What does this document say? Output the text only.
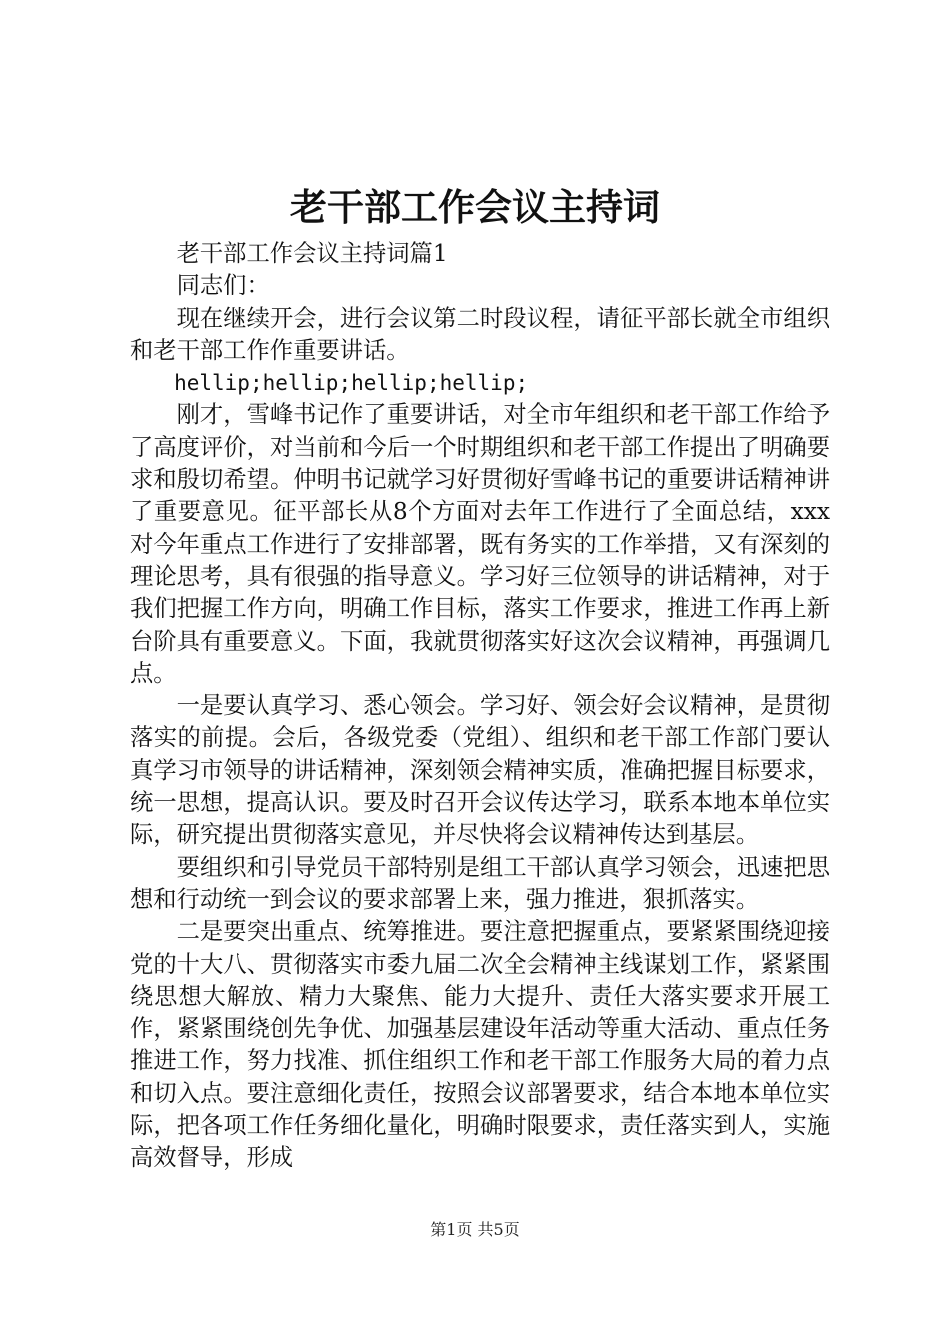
老干部工作会议主持词

老干部工作会议主持词篇1

同志们：

现在继续开会，进行会议第二时段议程，请征平部长就全市组织和老干部工作作重要讲话。

hellip;hellip;hellip;hellip;

刚才，雪峰书记作了重要讲话，对全市年组织和老干部工作给予了高度评价，对当前和今后一个时期组织和老干部工作提出了明确要求和殷切希望。仲明书记就学习好贯彻好雪峰书记的重要讲话精神讲了重要意见。征平部长从8个方面对去年工作进行了全面总结，xxx对今年重点工作进行了安排部署，既有务实的工作举措，又有深刻的理论思考，具有很强的指导意义。学习好三位领导的讲话精神，对于我们把握工作方向，明确工作目标，落实工作要求，推进工作再上新台阶具有重要意义。下面，我就贯彻落实好这次会议精神，再强调几点。

一是要认真学习、悉心领会。学习好、领会好会议精神，是贯彻落实的前提。会后，各级党委（党组）、组织和老干部工作部门要认真学习市领导的讲话精神，深刻领会精神实质，准确把握目标要求，统一思想，提高认识。要及时召开会议传达学习，联系本地本单位实际，研究提出贯彻落实意见，并尽快将会议精神传达到基层。

要组织和引导党员干部特别是组工干部认真学习领会，迅速把思想和行动统一到会议的要求部署上来，强力推进，狠抓落实。

二是要突出重点、统筹推进。要注意把握重点，要紧紧围绕迎接党的十大八、贯彻落实市委九届二次全会精神主线谋划工作，紧紧围绕思想大解放、精力大聚焦、能力大提升、责任大落实要求开展工作，紧紧围绕创先争优、加强基层建设年活动等重大活动、重点任务推进工作，努力找准、抓住组织工作和老干部工作服务大局的着力点和切入点。要注意细化责任，按照会议部署要求，结合本地本单位实际，把各项工作任务细化量化，明确时限要求，责任落实到人，实施高效督导，形成

第1页 共5页
